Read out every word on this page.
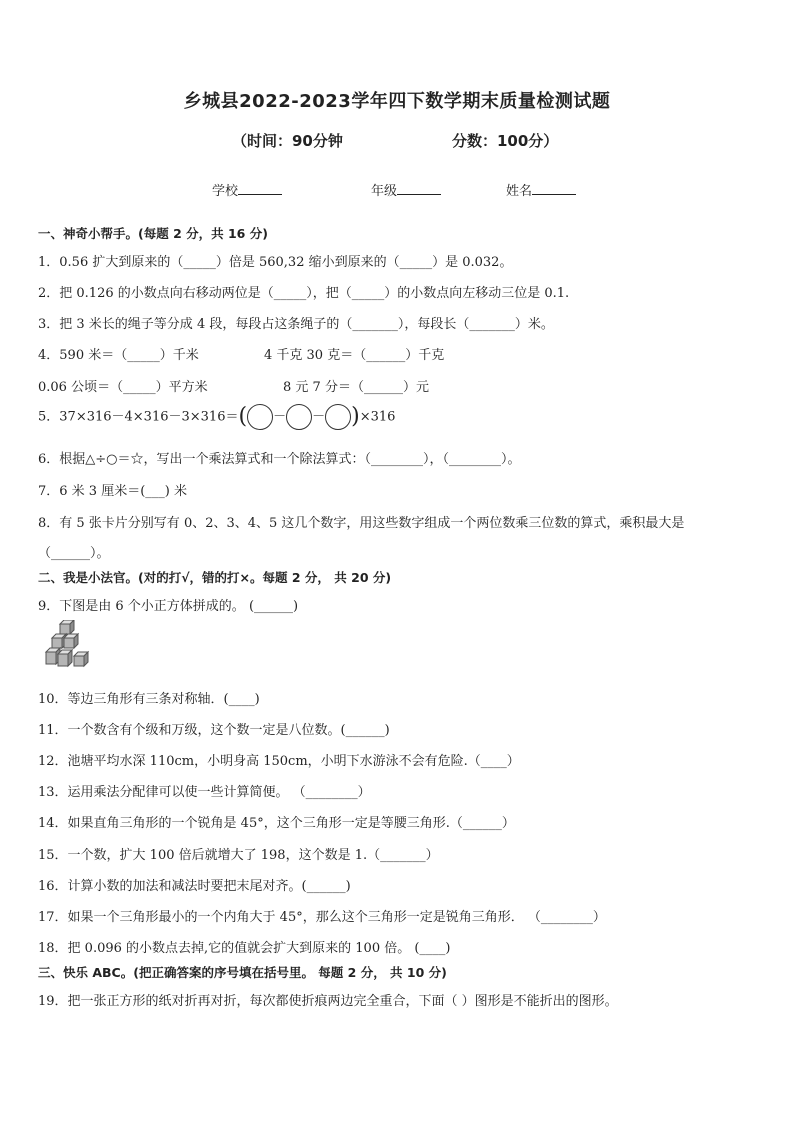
乡城县2022-2023学年四下数学期末质量检测试题
（时间：90分钟	分数：100分）
学校	年级	姓名
一、神奇小帮手。(每题 2 分，共 16 分)
1．0.56 扩大到原来的（_____）倍是 560,32 缩小到原来的（_____）是 0.032。
2．把 0.126 的小数点向右移动两位是（_____），把（_____）的小数点向左移动三位是 0.1.
3．把 3 米长的绳子等分成 4 段，每段占这条绳子的（_______），每段长（_______）米。
4．590 米＝（_____）千米	4 千克 30 克＝（______）千克
0.06 公顷＝（_____）平方米	8 元 7 分＝（______）元
5．37×316－4×316－3×316＝( － － )×316
6．根据△÷○＝☆，写出一个乘法算式和一个除法算式：（________），（________）。
7．6 米 3 厘米＝(___) 米
8．有 5 张卡片分别写有 0、2、3、4、5 这几个数字，用这些数字组成一个两位数乘三位数的算式，乘积最大是
（______）。
二、我是小法官。(对的打√，错的打×。每题 2 分， 共 20 分)
9．下图是由 6 个小正方体拼成的。 (______)
10．等边三角形有三条对称轴．(____)
11．一个数含有个级和万级，这个数一定是八位数。(______)
12．池塘平均水深 110cm，小明身高 150cm，小明下水游泳不会有危险.（____）
13．运用乘法分配律可以使一些计算简便。 （________）
14．如果直角三角形的一个锐角是 45°，这个三角形一定是等腰三角形.（______）
15．一个数，扩大 100 倍后就增大了 198，这个数是 1.（_______）
16．计算小数的加法和减法时要把末尾对齐。(______)
17．如果一个三角形最小的一个内角大于 45°，那么这个三角形一定是锐角三角形． （________）
18．把 0.096 的小数点去掉,它的值就会扩大到原来的 100 倍。 (____)
三、快乐 ABC。(把正确答案的序号填在括号里。 每题 2 分， 共 10 分)
19．把一张正方形的纸对折再对折，每次都使折痕两边完全重合，下面（ ）图形是不能折出的图形。
